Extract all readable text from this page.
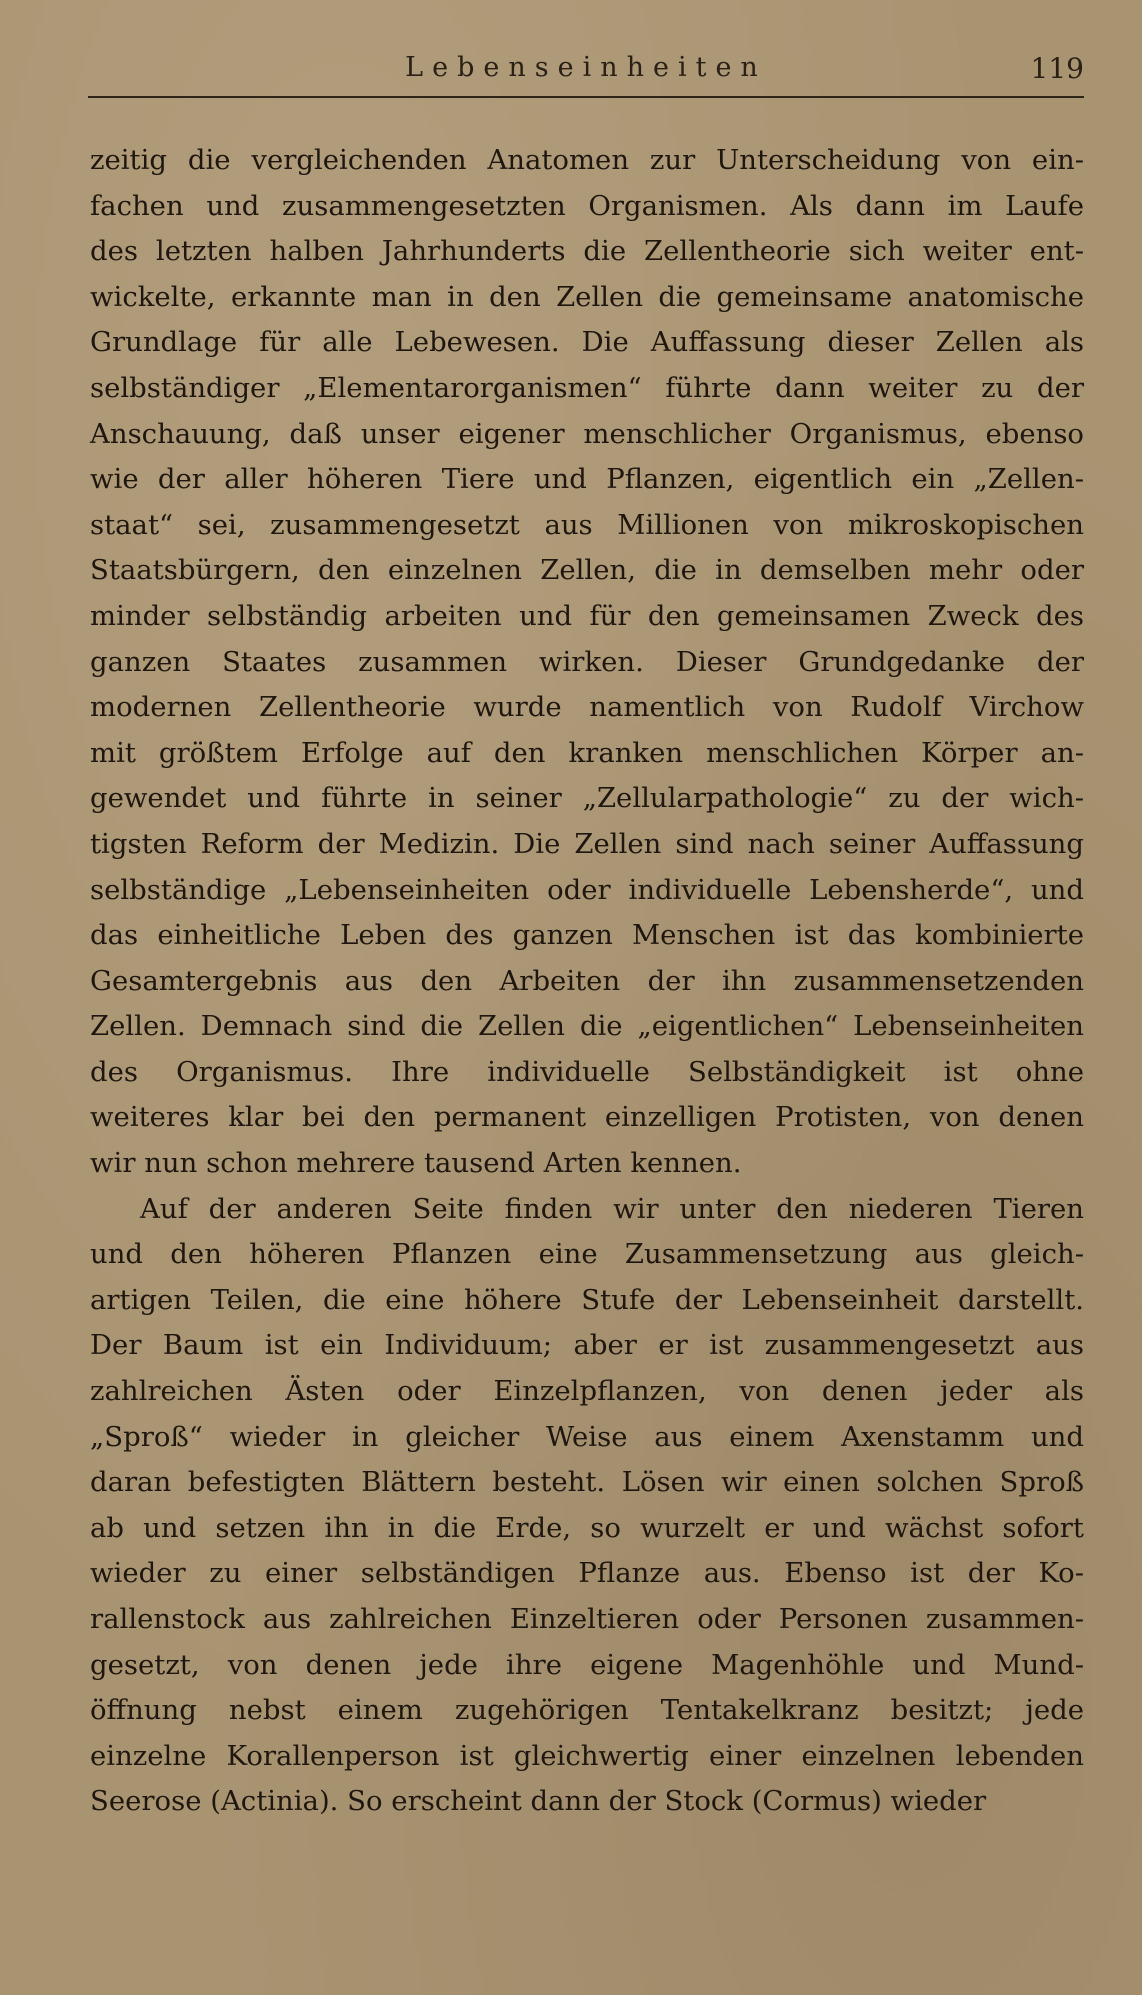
Lebenseinheiten	119
zeitig die vergleichenden Anatomen zur Unterscheidung von ein-
fachen und zusammengesetzten Organismen. Als dann im Laufe
des letzten halben Jahrhunderts die Zellentheorie sich weiter ent-
wickelte, erkannte man in den Zellen die gemeinsame anatomische
Grundlage für alle Lebewesen. Die Auffassung dieser Zellen als
selbständiger „Elementarorganismen“ führte dann weiter zu der
Anschauung, daß unser eigener menschlicher Organismus, ebenso
wie der aller höheren Tiere und Pflanzen, eigentlich ein „Zellen-
staat“ sei, zusammengesetzt aus Millionen von mikroskopischen
Staatsbürgern, den einzelnen Zellen, die in demselben mehr oder
minder selbständig arbeiten und für den gemeinsamen Zweck des
ganzen Staates zusammen wirken. Dieser Grundgedanke der
modernen Zellentheorie wurde namentlich von Rudolf Virchow
mit größtem Erfolge auf den kranken menschlichen Körper an-
gewendet und führte in seiner „Zellularpathologie“ zu der wich-
tigsten Reform der Medizin. Die Zellen sind nach seiner Auffassung
selbständige „Lebenseinheiten oder individuelle Lebensherde“, und
das einheitliche Leben des ganzen Menschen ist das kombinierte
Gesamtergebnis aus den Arbeiten der ihn zusammensetzenden
Zellen. Demnach sind die Zellen die „eigentlichen“ Lebenseinheiten
des Organismus. Ihre individuelle Selbständigkeit ist ohne
weiteres klar bei den permanent einzelligen Protisten, von denen
wir nun schon mehrere tausend Arten kennen.
Auf der anderen Seite finden wir unter den niederen Tieren
und den höheren Pflanzen eine Zusammensetzung aus gleich-
artigen Teilen, die eine höhere Stufe der Lebenseinheit darstellt.
Der Baum ist ein Individuum; aber er ist zusammengesetzt aus
zahlreichen Ästen oder Einzelpflanzen, von denen jeder als
„Sproß“ wieder in gleicher Weise aus einem Axenstamm und
daran befestigten Blättern besteht. Lösen wir einen solchen Sproß
ab und setzen ihn in die Erde, so wurzelt er und wächst sofort
wieder zu einer selbständigen Pflanze aus. Ebenso ist der Ko-
rallenstock aus zahlreichen Einzeltieren oder Personen zusammen-
gesetzt, von denen jede ihre eigene Magenhöhle und Mund-
öffnung nebst einem zugehörigen Tentakelkranz besitzt; jede
einzelne Korallenperson ist gleichwertig einer einzelnen lebenden
Seerose (Actinia). So erscheint dann der Stock (Cormus) wieder
